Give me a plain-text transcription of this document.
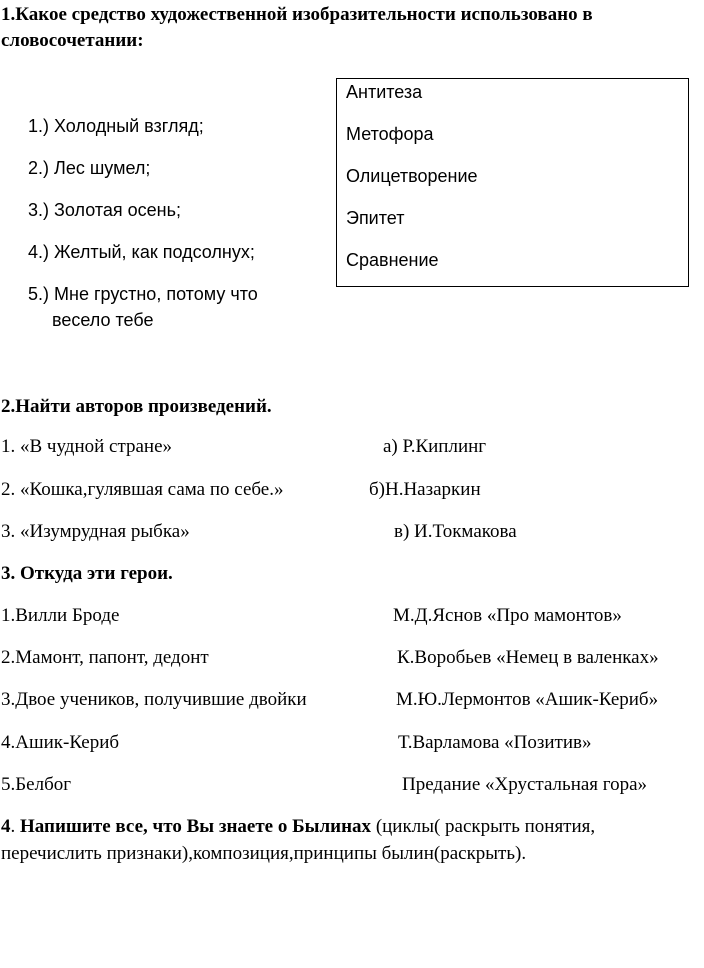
1.Какое средство художественной изобразительности использовано в
словосочетании:
1.) Холодный взгляд;
2.) Лес шумел;
3.) Золотая осень;
4.) Желтый, как подсолнух;
5.) Мне грустно, потому что
весело тебе
Антитеза
Метофора
Олицетворение
Эпитет
Сравнение
2.Найти авторов произведений.
1. «В чудной стране»
2. «Кошка,гулявшая сама по себе.»
3. «Изумрудная рыбка»
а) Р.Киплинг
б)Н.Назаркин
в) И.Токмакова
3. Откуда эти герои.
1.Вилли Броде
2.Мамонт, папонт, дедонт
3.Двое учеников, получившие двойки
4.Ашик-Кериб
5.Белбог
М.Д.Яснов «Про мамонтов»
К.Воробьев «Немец в валенках»
М.Ю.Лермонтов «Ашик-Кериб»
Т.Варламова «Позитив»
Предание «Хрустальная гора»
4. Напишите все, что Вы знаете о Былинах (циклы( раскрыть понятия,
перечислить признаки),композиция,принципы былин(раскрыть).
